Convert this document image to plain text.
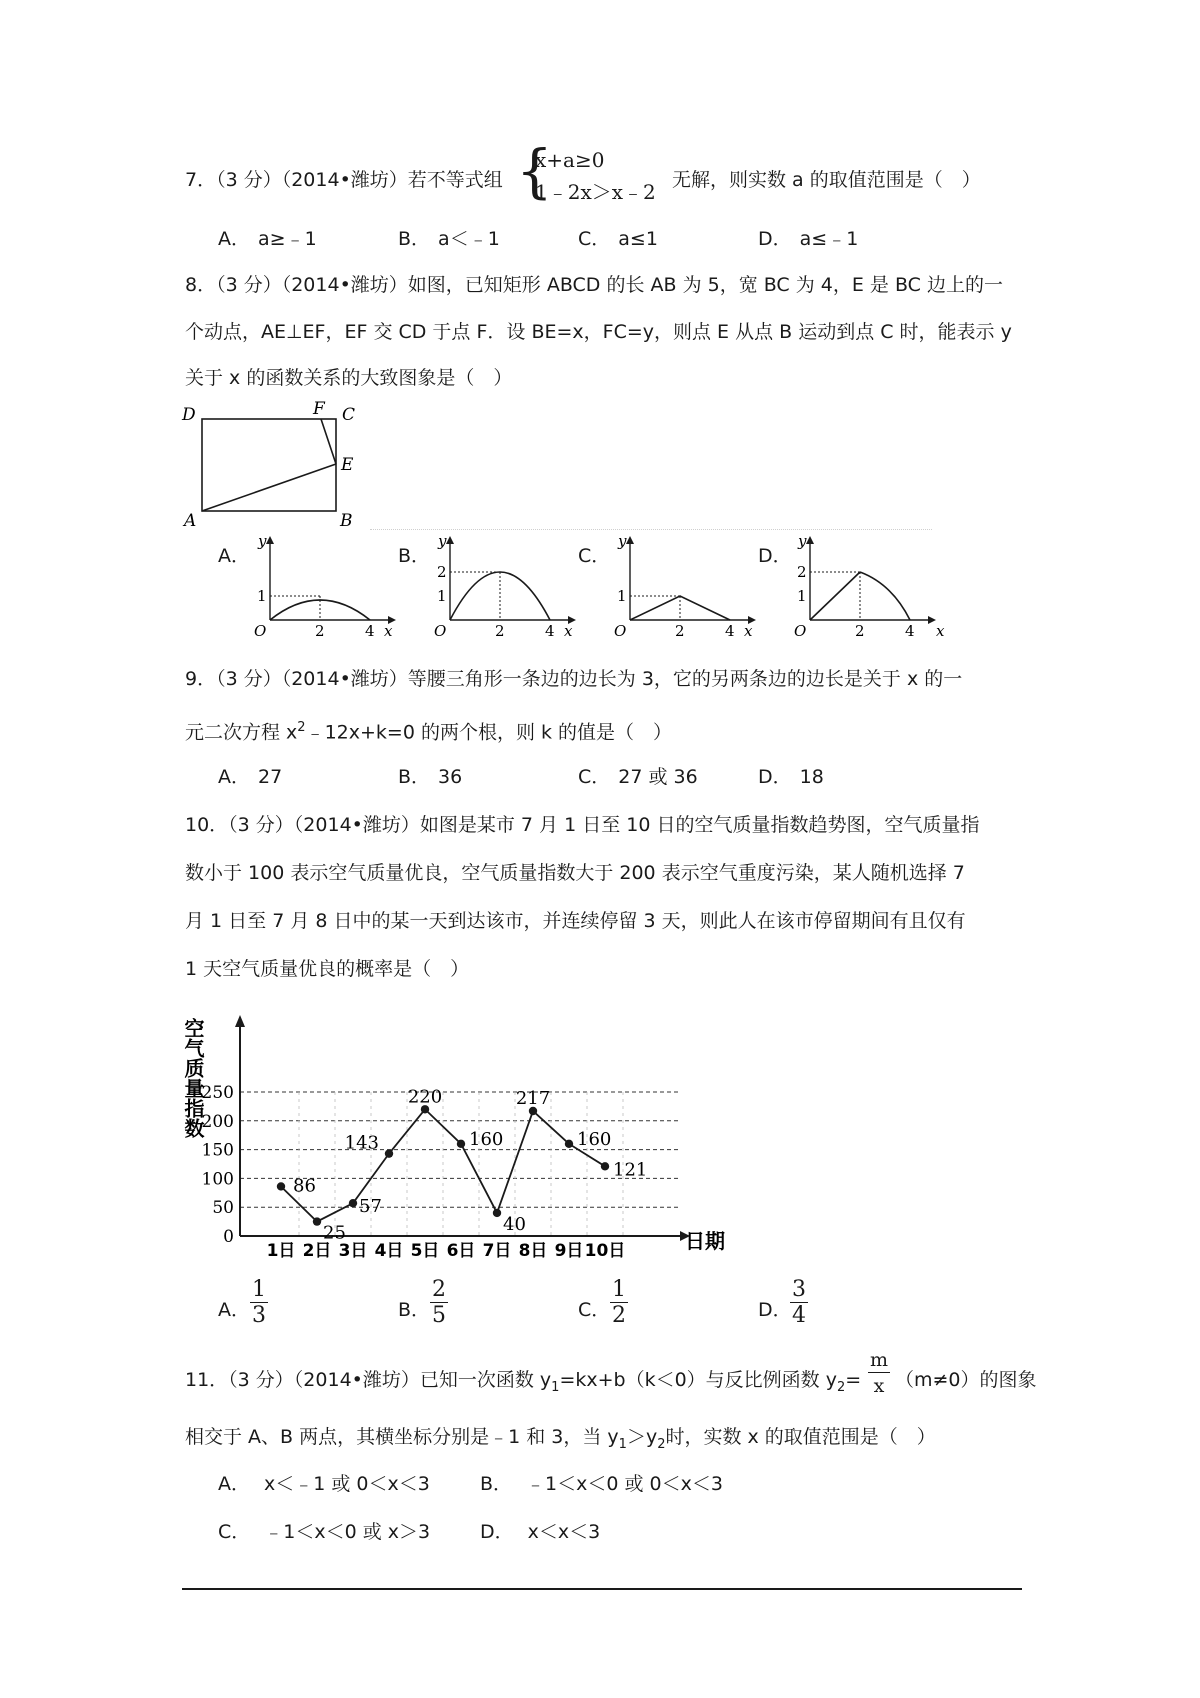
7．（3 分）（2014•潍坊）若不等式组 {
x+a≥0
1﹣2x＞x﹣2 无解，则实数 a 的取值范围是（　）
A． a≥﹣1	B． a＜﹣1	C． a≤1	D． a≤﹣1
8．（3 分）（2014•潍坊）如图，已知矩形 ABCD 的长 AB 为 5，宽 BC 为 4，E 是 BC 边上的一
个动点，AE⊥EF，EF 交 CD 于点 F．设 BE=x，FC=y，则点 E 从点 B 运动到点 C 时，能表示 y
关于 x 的函数关系的大致图象是（　）
D	F C
E
A	B
A．	B．	C．	D．
y
x
O
1
2	4
y
x
O
2
1
2	4
y
x
O
1
2	4
y
x
O
2
1
2	4
9．（3 分）（2014•潍坊）等腰三角形一条边的边长为 3，它的另两条边的边长是关于 x 的一
元二次方程 $x^2﹣12x+k=0$ 的两个根，则 k 的值是（　）
A． 27	B． 36	C． 27 或 36	D． 18
10．（3 分）（2014•潍坊）如图是某市 7 月 1 日至 10 日的空气质量指数趋势图，空气质量指
数小于 100 表示空气质量优良，空气质量指数大于 200 表示空气重度污染，某人随机选择 7
月 1 日至 7 月 8 日中的某一天到达该市，并连续停留 3 天，则此人在该市停留期间有且仅有
1 天空气质量优良的概率是（　）
空气质量指数
0
50
100
150
200
250
1日 2日 3日 4日 5日 6日 7日 8日 9日 10日
86
25
57
143
220
160
40
217
160
121
日期
A． $\frac{1}{3}$	B． $\frac{2}{5}$	C． $\frac{1}{2}$	D．
$\frac{3}{4}$
11．（3 分）（2014•潍坊）已知一次函数 $y_1=kx+b(k<0)$与反比例函数 $y_2= \frac{m}{x} (m\ne 0)$的图象
相交于 A、B 两点，其横坐标分别是﹣1 和 3，当 $y_1>y_2$时，实数 x 的取值范围是（　）
A． x＜﹣1 或 0＜x＜3	B． ﹣1＜x＜0 或 0＜x＜3
C． ﹣1＜x＜0 或 x＞3	D． x＜x＜3
